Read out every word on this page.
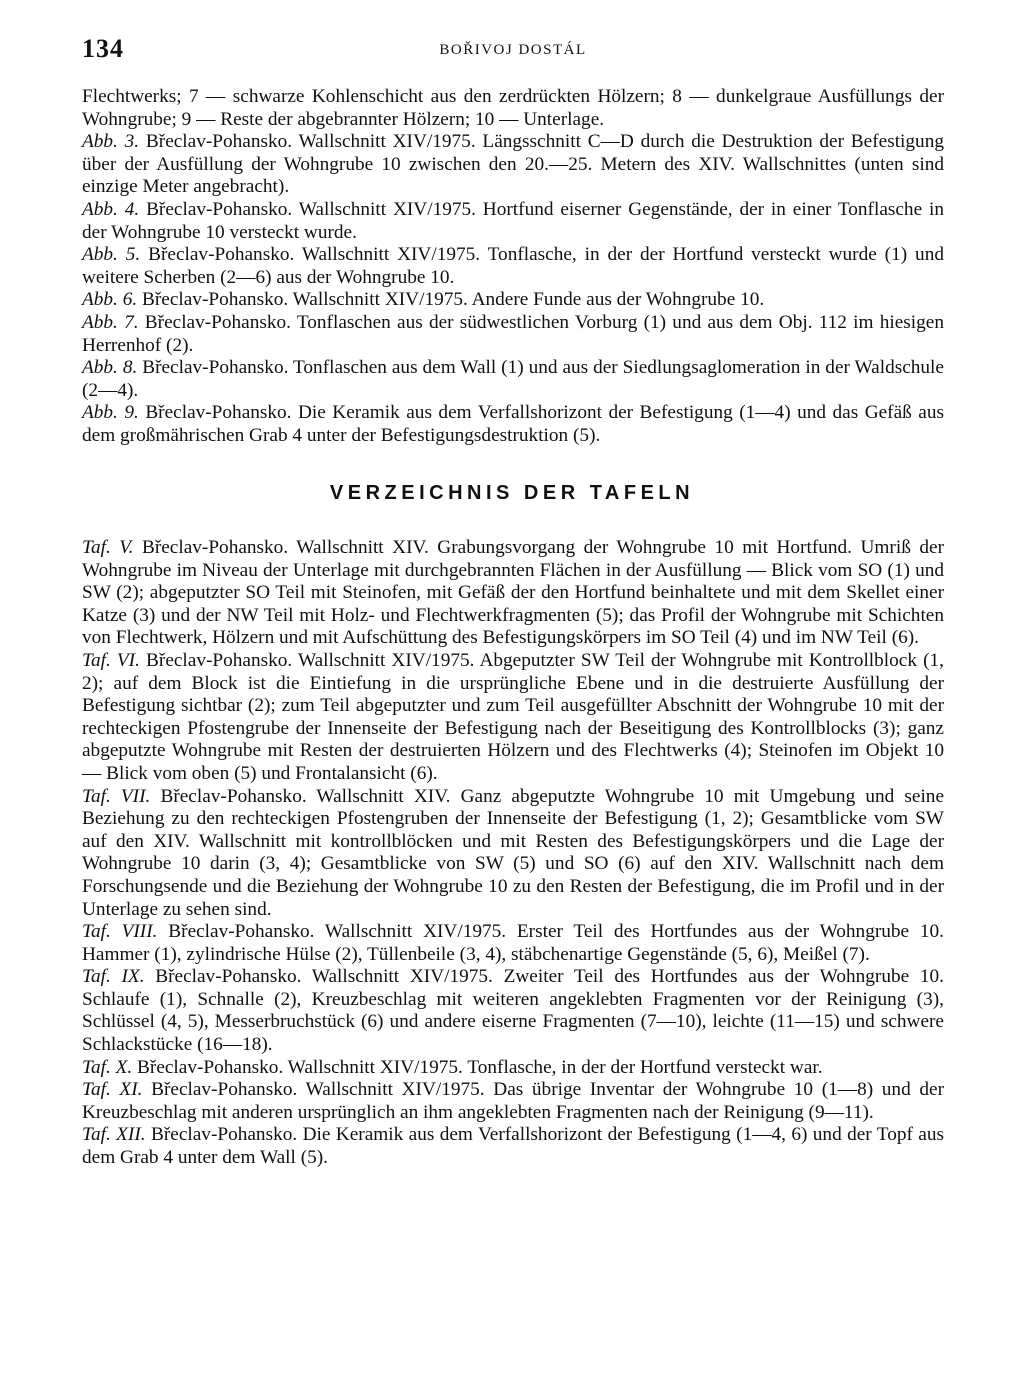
134	BOŘIVOJ DOSTÁL

Flechtwerks; 7 — schwarze Kohlenschicht aus den zerdrückten Hölzern; 8 — dunkelgraue Ausfüllungs der Wohngrube; 9 — Reste der abgebrannter Hölzern; 10 — Unterlage.

Abb. 3. Břeclav-Pohansko. Wallschnitt XIV/1975. Längsschnitt C—D durch die Destruktion der Befestigung über der Ausfüllung der Wohngrube 10 zwischen den 20.—25. Metern des XIV. Wallschnittes (unten sind einzige Meter angebracht).

Abb. 4. Břeclav-Pohansko. Wallschnitt XIV/1975. Hortfund eiserner Gegenstände, der in einer Tonflasche in der Wohngrube 10 versteckt wurde.

Abb. 5. Břeclav-Pohansko. Wallschnitt XIV/1975. Tonflasche, in der der Hortfund versteckt wurde (1) und weitere Scherben (2—6) aus der Wohngrube 10.

Abb. 6. Břeclav-Pohansko. Wallschnitt XIV/1975. Andere Funde aus der Wohngrube 10.

Abb. 7. Břeclav-Pohansko. Tonflaschen aus der südwestlichen Vorburg (1) und aus dem Obj. 112 im hiesigen Herrenhof (2).

Abb. 8. Břeclav-Pohansko. Tonflaschen aus dem Wall (1) und aus der Siedlungsaglomeration in der Waldschule (2—4).

Abb. 9. Břeclav-Pohansko. Die Keramik aus dem Verfallshorizont der Befestigung (1—4) und das Gefäß aus dem großmährischen Grab 4 unter der Befestigungsdestruktion (5).

VERZEICHNIS DER TAFELN

Taf. V. Břeclav-Pohansko. Wallschnitt XIV. Grabungsvorgang der Wohngrube 10 mit Hortfund. Umriß der Wohngrube im Niveau der Unterlage mit durchgebrannten Flächen in der Ausfüllung — Blick vom SO (1) und SW (2); abgeputzter SO Teil mit Steinofen, mit Gefäß der den Hortfund beinhaltete und mit dem Skellet einer Katze (3) und der NW Teil mit Holz- und Flechtwerkfragmenten (5); das Profil der Wohngrube mit Schichten von Flechtwerk, Hölzern und mit Aufschüttung des Befestigungskörpers im SO Teil (4) und im NW Teil (6).

Taf. VI. Břeclav-Pohansko. Wallschnitt XIV/1975. Abgeputzter SW Teil der Wohngrube mit Kontrollblock (1, 2); auf dem Block ist die Eintiefung in die ursprüngliche Ebene und in die destruierte Ausfüllung der Befestigung sichtbar (2); zum Teil abgeputzter und zum Teil ausgefüllter Abschnitt der Wohngrube 10 mit der rechteckigen Pfostengrube der Innenseite der Befestigung nach der Beseitigung des Kontrollblocks (3); ganz abgeputzte Wohngrube mit Resten der destruierten Hölzern und des Flechtwerks (4); Steinofen im Objekt 10 — Blick vom oben (5) und Frontalansicht (6).

Taf. VII. Břeclav-Pohansko. Wallschnitt XIV. Ganz abgeputzte Wohngrube 10 mit Umgebung und seine Beziehung zu den rechteckigen Pfostengruben der Innenseite der Befestigung (1, 2); Gesamtblicke vom SW auf den XIV. Wallschnitt mit kontrollblöcken und mit Resten des Befestigungskörpers und die Lage der Wohngrube 10 darin (3, 4); Gesamtblicke von SW (5) und SO (6) auf den XIV. Wallschnitt nach dem Forschungsende und die Beziehung der Wohngrube 10 zu den Resten der Befestigung, die im Profil und in der Unterlage zu sehen sind.

Taf. VIII. Břeclav-Pohansko. Wallschnitt XIV/1975. Erster Teil des Hortfundes aus der Wohngrube 10. Hammer (1), zylindrische Hülse (2), Tüllenbeile (3, 4), stäbchenartige Gegenstände (5, 6), Meißel (7).

Taf. IX. Břeclav-Pohansko. Wallschnitt XIV/1975. Zweiter Teil des Hortfundes aus der Wohngrube 10. Schlaufe (1), Schnalle (2), Kreuzbeschlag mit weiteren angeklebten Fragmenten vor der Reinigung (3), Schlüssel (4, 5), Messerbruchstück (6) und andere eiserne Fragmenten (7—10), leichte (11—15) und schwere Schlackstücke (16—18).

Taf. X. Břeclav-Pohansko. Wallschnitt XIV/1975. Tonflasche, in der der Hortfund versteckt war.

Taf. XI. Břeclav-Pohansko. Wallschnitt XIV/1975. Das übrige Inventar der Wohngrube 10 (1—8) und der Kreuzbeschlag mit anderen ursprünglich an ihm angeklebten Fragmenten nach der Reinigung (9—11).

Taf. XII. Břeclav-Pohansko. Die Keramik aus dem Verfallshorizont der Befestigung (1—4, 6) und der Topf aus dem Grab 4 unter dem Wall (5).
